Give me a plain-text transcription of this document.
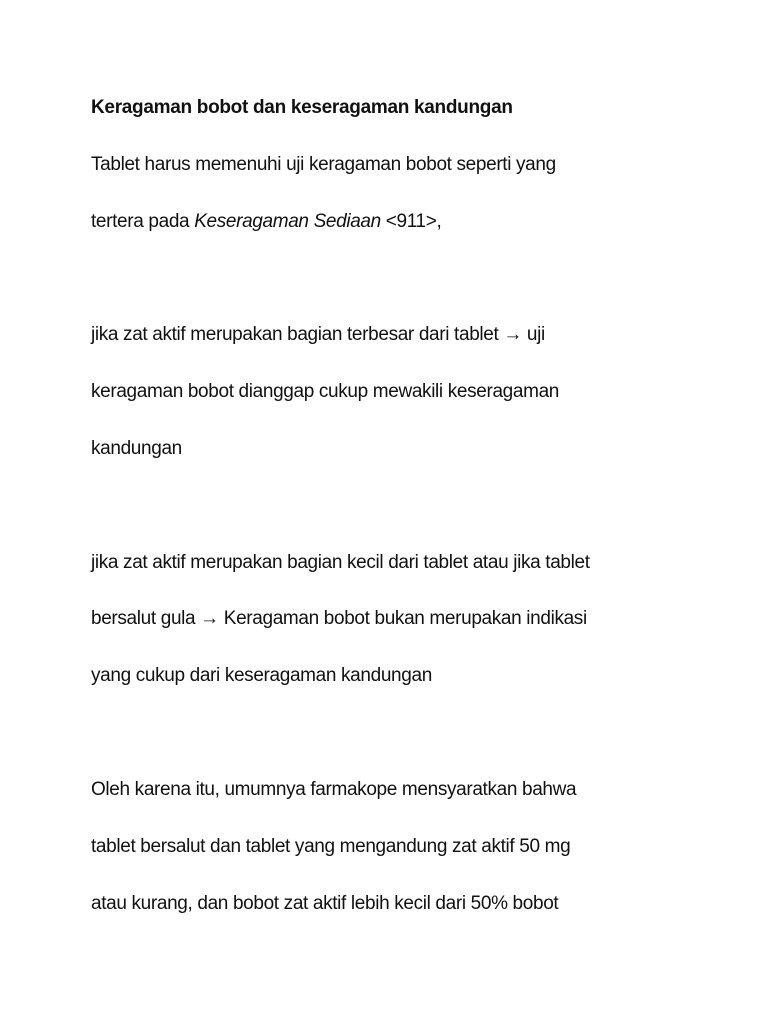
Keragaman bobot dan keseragaman kandungan
Tablet harus memenuhi uji keragaman bobot seperti yang
tertera pada Keseragaman Sediaan <911>,
jika zat aktif merupakan bagian terbesar dari tablet → uji
keragaman bobot dianggap cukup mewakili keseragaman
kandungan
jika zat aktif merupakan bagian kecil dari tablet atau jika tablet
bersalut gula → Keragaman bobot bukan merupakan indikasi
yang cukup dari keseragaman kandungan
Oleh karena itu, umumnya farmakope mensyaratkan bahwa
tablet bersalut dan tablet yang mengandung zat aktif 50 mg
atau kurang, dan bobot zat aktif lebih kecil dari 50% bobot
